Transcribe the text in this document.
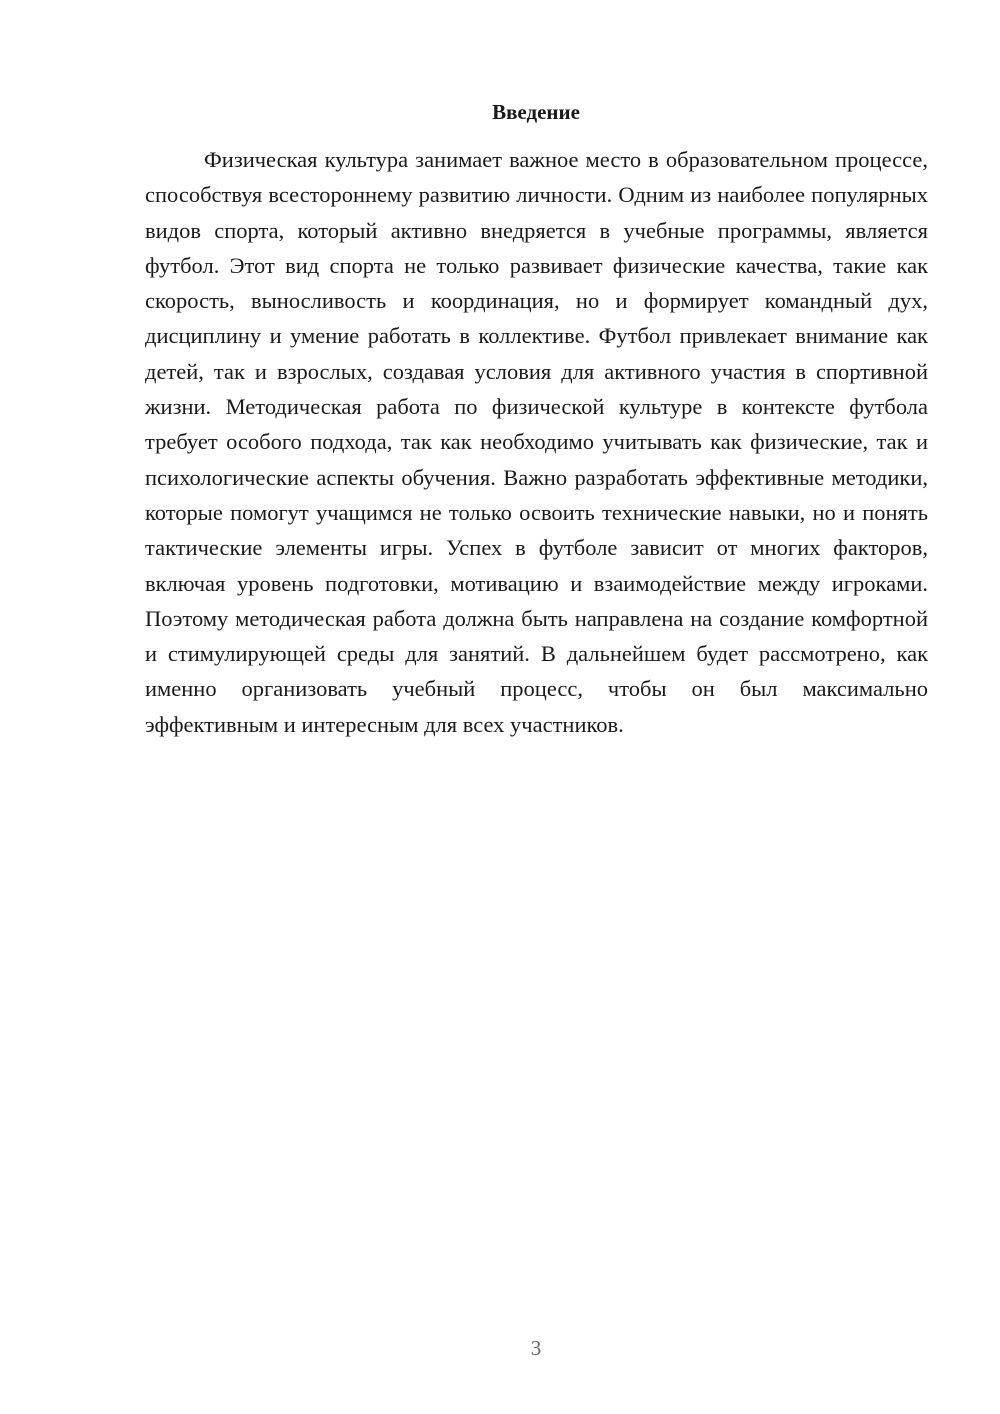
Введение

Физическая культура занимает важное место в образовательном процессе, способствуя всестороннему развитию личности. Одним из наиболее популярных видов спорта, который активно внедряется в учебные программы, является футбол. Этот вид спорта не только развивает физические качества, такие как скорость, выносливость и координация, но и формирует командный дух, дисциплину и умение работать в коллективе. Футбол привлекает внимание как детей, так и взрослых, создавая условия для активного участия в спортивной жизни. Методическая работа по физической культуре в контексте футбола требует особого подхода, так как необходимо учитывать как физические, так и психологические аспекты обучения. Важно разработать эффективные методики, которые помогут учащимся не только освоить технические навыки, но и понять тактические элементы игры. Успех в футболе зависит от многих факторов, включая уровень подготовки, мотивацию и взаимодействие между игроками. Поэтому методическая работа должна быть направлена на создание комфортной и стимулирующей среды для занятий. В дальнейшем будет рассмотрено, как именно организовать учебный процесс, чтобы он был максимально эффективным и интересным для всех участников.

3
